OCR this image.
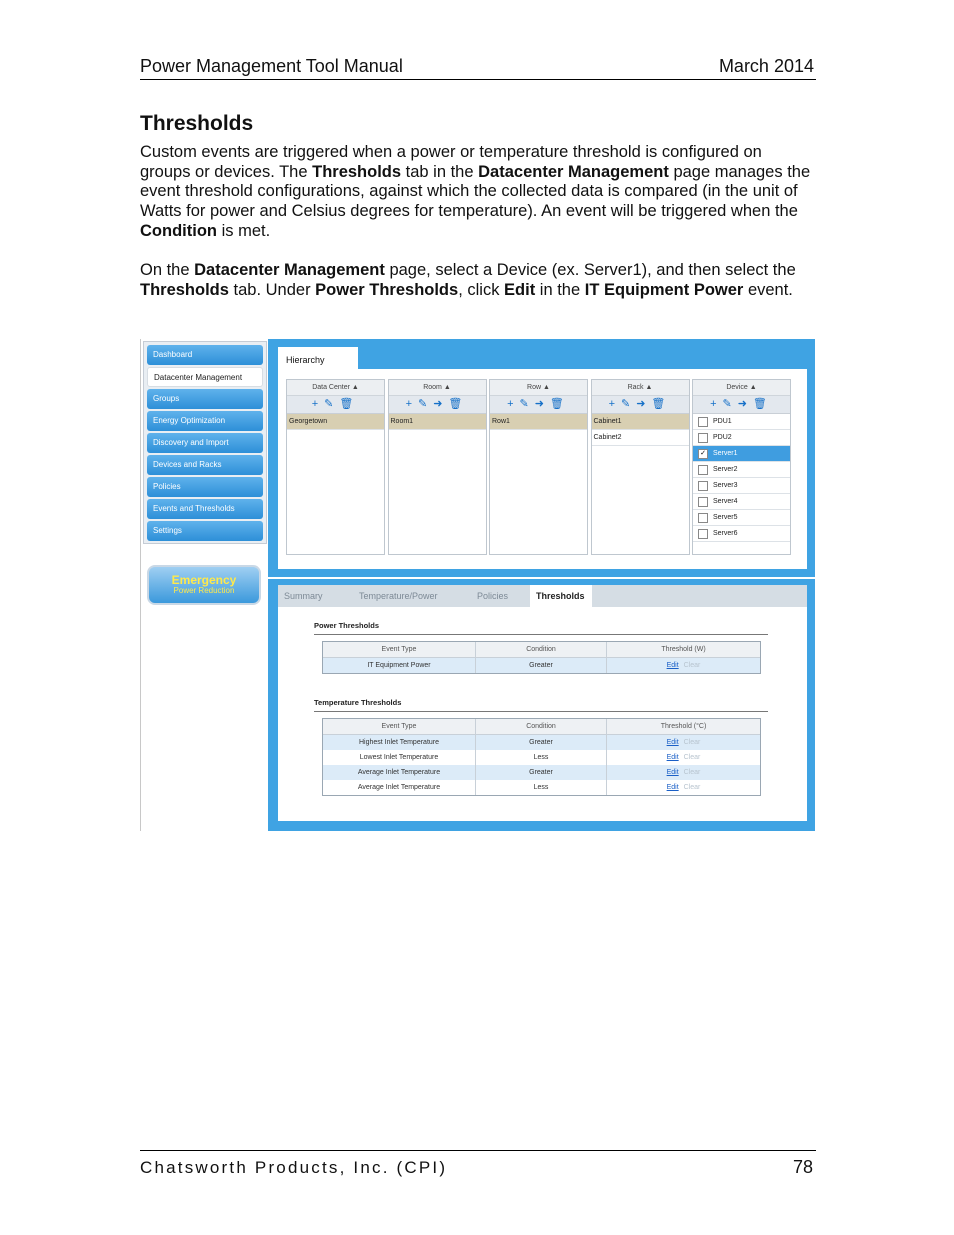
Power Management Tool Manual	March 2014
Thresholds
Custom events are triggered when a power or temperature threshold is configured on groups or devices. The Thresholds tab in the Datacenter Management page manages the event threshold configurations, against which the collected data is compared (in the unit of Watts for power and Celsius degrees for temperature). An event will be triggered when the Condition is met.
On the Datacenter Management page, select a Device (ex. Server1), and then select the Thresholds tab. Under Power Thresholds, click Edit in the IT Equipment Power event.
Dashboard
Datacenter Management
Groups
Energy Optimization
Discovery and Import
Devices and Racks
Policies
Events and Thresholds
Settings
Emergency
Power Reduction
Hierarchy
Data Center ▲
+✎🗑
Georgetown
Room ▲
+✎➜🗑
Room1
Row ▲
+✎➜🗑
Row1
Rack ▲
+✎➜🗑
Cabinet1
Cabinet2
Device ▲
+✎➜🗑
PDU1
PDU2
✓ Server1
Server2
Server3
Server4
Server5
Server6
Power Thresholds
Event Type	Condition	Threshold (W)
IT Equipment Power	Greater	Edit Clear
Temperature Thresholds
Event Type	Condition	Threshold (°C)
Highest Inlet Temperature	Greater	Edit Clear
Lowest Inlet Temperature	Less	Edit Clear
Average Inlet Temperature	Greater	Edit Clear
Average Inlet Temperature	Less	Edit Clear
Summary	Temperature/Power	Policies	Thresholds
Chatsworth Products, Inc. (CPI)	78
